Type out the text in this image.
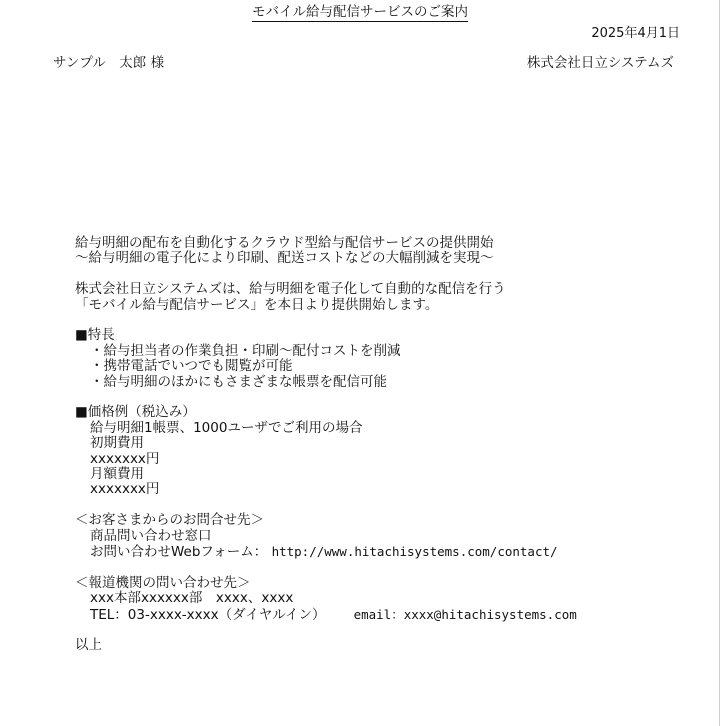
2025年4月1日
サンプル　太郎 様	株式会社日立システムズ
モバイル給与配信サービスのご案内
給与明細の配布を自動化するクラウド型給与配信サービスの提供開始
〜給与明細の電子化により印刷、配送コストなどの大幅削減を実現〜
株式会社日立システムズは、給与明細を電子化して自動的な配信を行う
「モバイル給与配信サービス」を本日より提供開始します。
■特長
・給与担当者の作業負担・印刷〜配付コストを削減
・携帯電話でいつでも閲覧が可能
・給与明細のほかにもさまざまな帳票を配信可能
■価格例（税込み）
給与明細1帳票、1000ユーザでご利用の場合
初期費用
xxxxxxx円
月額費用
xxxxxxx円
＜お客さまからのお問合せ先＞
商品問い合わせ窓口
お問い合わせWebフォーム： http://www.hitachisystems.com/contact/
＜報道機関の問い合わせ先＞
xxx本部xxxxxx部　xxxx、xxxx
TEL：03-xxxx-xxxx（ダイヤルイン） email：xxxx@hitachisystems.com
以上
